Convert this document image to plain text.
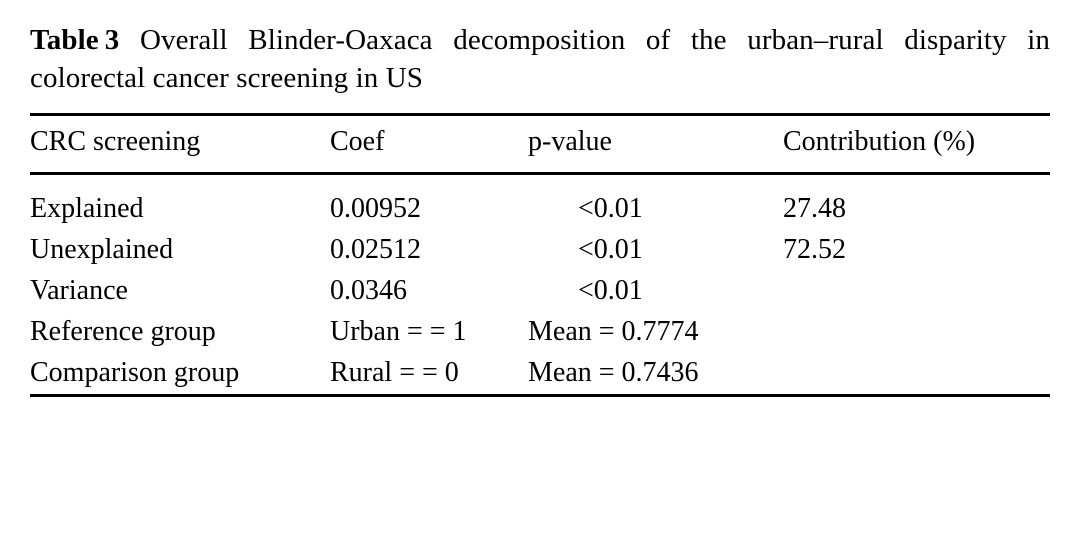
Table 3 Overall Blinder-Oaxaca decomposition of the urban–rural disparity in colorectal cancer screening in US

CRC screening	Coef	p-value	Contribution (%)
Explained	0.00952	<0.01	27.48
Unexplained	0.02512	<0.01	72.52
Variance	0.0346	<0.01	
Reference group	Urban = = 1	Mean = 0.7774	
Comparison group	Rural = = 0	Mean = 0.7436	
